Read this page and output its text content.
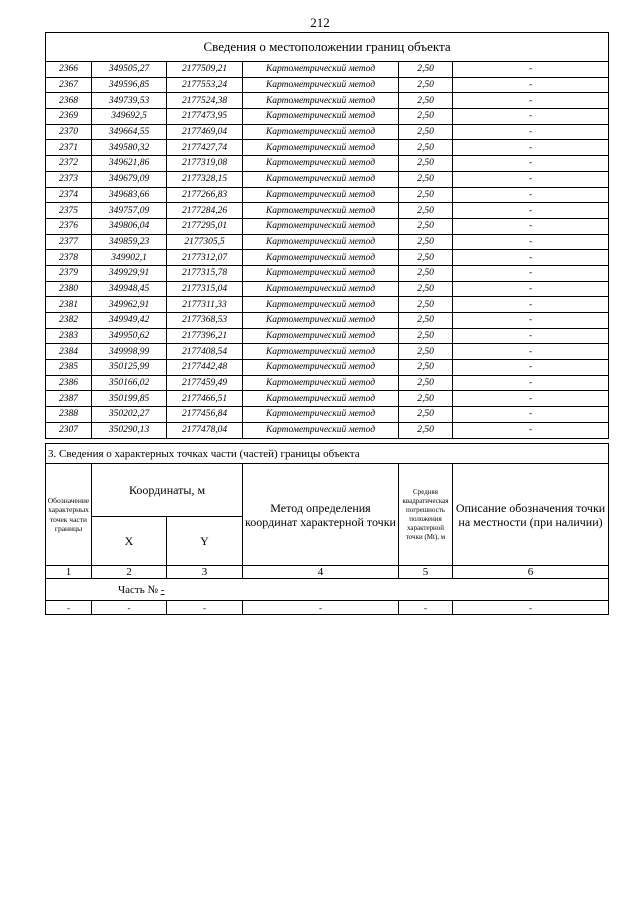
212
Сведения о местоположении границ объекта					
2366	349505,27	2177509,21	Картометрический метод	2,50	-
2367	349596,85	2177553,24	Картометрический метод	2,50	-
2368	349739,53	2177524,38	Картометрический метод	2,50	-
2369	349692,5	2177473,95	Картометрический метод	2,50	-
2370	349664,55	2177469,04	Картометрический метод	2,50	-
2371	349580,32	2177427,74	Картометрический метод	2,50	-
2372	349621,86	2177319,08	Картометрический метод	2,50	-
2373	349679,09	2177328,15	Картометрический метод	2,50	-
2374	349683,66	2177266,83	Картометрический метод	2,50	-
2375	349757,09	2177284,26	Картометрический метод	2,50	-
2376	349806,04	2177295,01	Картометрический метод	2,50	-
2377	349859,23	2177305,5	Картометрический метод	2,50	-
2378	349902,1	2177312,07	Картометрический метод	2,50	-
2379	349929,91	2177315,78	Картометрический метод	2,50	-
2380	349948,45	2177315,04	Картометрический метод	2,50	-
2381	349962,91	2177311,33	Картометрический метод	2,50	-
2382	349949,42	2177368,53	Картометрический метод	2,50	-
2383	349950,62	2177396,21	Картометрический метод	2,50	-
2384	349998,99	2177408,54	Картометрический метод	2,50	-
2385	350125,99	2177442,48	Картометрический метод	2,50	-
2386	350166,02	2177459,49	Картометрический метод	2,50	-
2387	350199,85	2177466,51	Картометрический метод	2,50	-
2388	350202,27	2177456,84	Картометрический метод	2,50	-
2307	350290,13	2177478,04	Картометрический метод	2,50	-
3. Сведения о характерных точках части (частей) границы объекта					
Обозначение характерных точек части границы	Координаты, м		Метод определения координат характерной точки	Средняя квадратическая погрешность положения характерной точки (Mt), м	Описание обозначения точки на местности (при наличии)
	X	Y			
1	2	3	4	5	6
Часть № -					
-	-	-	-	-	-
